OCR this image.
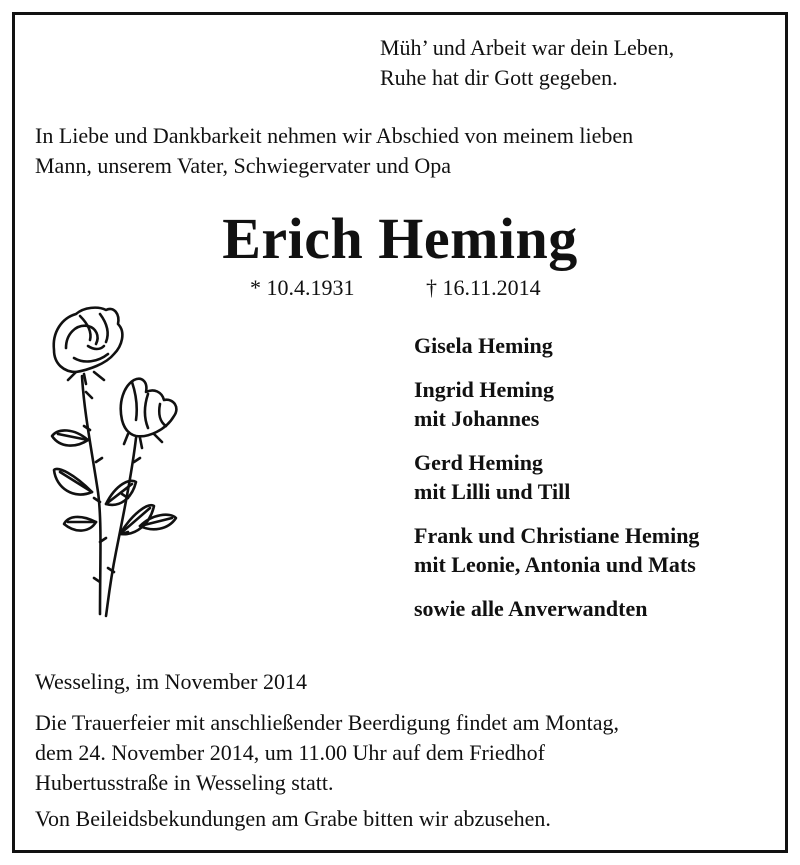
Müh’ und Arbeit war dein Leben,
Ruhe hat dir Gott gegeben.
In Liebe und Dankbarkeit nehmen wir Abschied von meinem lieben
Mann, unserem Vater, Schwiegervater und Opa
Erich Heming
* 10.4.1931	† 16.11.2014
Gisela Heming
Ingrid Heming
mit Johannes
Gerd Heming
mit Lilli und Till
Frank und Christiane Heming
mit Leonie, Antonia und Mats
sowie alle Anverwandten
Wesseling, im November 2014
Die Trauerfeier mit anschließender Beerdigung findet am Montag,
dem 24. November 2014, um 11.00 Uhr auf dem Friedhof
Hubertusstraße in Wesseling statt.
Von Beileidsbekundungen am Grabe bitten wir abzusehen.
